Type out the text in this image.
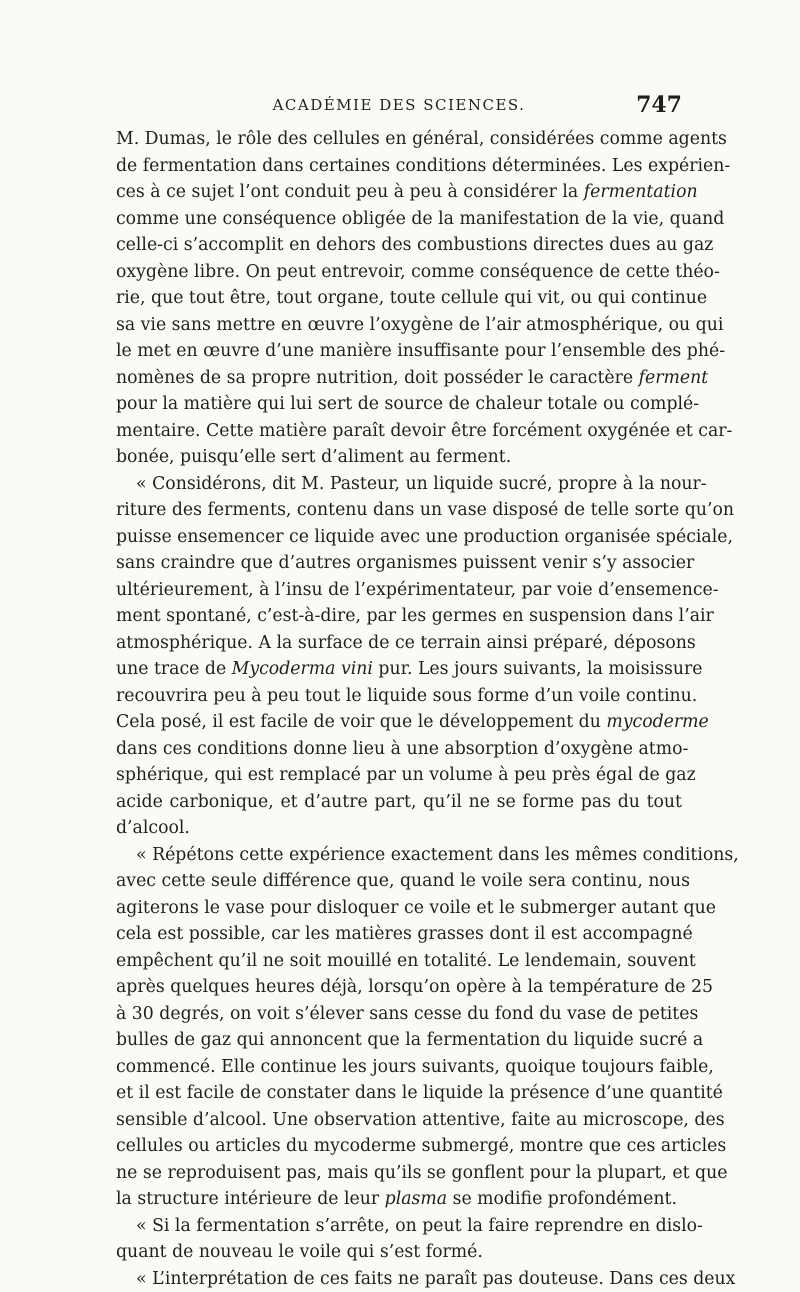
ACADÉMIE DES SCIENCES.	747
M. Dumas, le rôle des cellules en général, considérées comme agents
de fermentation dans certaines conditions déterminées. Les expérien-
ces à ce sujet l’ont conduit peu à peu à considérer la fermentation
comme une conséquence obligée de la manifestation de la vie, quand
celle-ci s’accomplit en dehors des combustions directes dues au gaz
oxygène libre. On peut entrevoir, comme conséquence de cette théo-
rie, que tout être, tout organe, toute cellule qui vit, ou qui continue
sa vie sans mettre en œuvre l’oxygène de l’air atmosphérique, ou qui
le met en œuvre d’une manière insuffisante pour l’ensemble des phé-
nomènes de sa propre nutrition, doit posséder le caractère ferment
pour la matière qui lui sert de source de chaleur totale ou complé-
mentaire. Cette matière paraît devoir être forcément oxygénée et car-
bonée, puisqu’elle sert d’aliment au ferment.
« Considérons, dit M. Pasteur, un liquide sucré, propre à la nour-
riture des ferments, contenu dans un vase disposé de telle sorte qu’on
puisse ensemencer ce liquide avec une production organisée spéciale,
sans craindre que d’autres organismes puissent venir s’y associer
ultérieurement, à l’insu de l’expérimentateur, par voie d’ensemence-
ment spontané, c’est-à-dire, par les germes en suspension dans l’air
atmosphérique. A la surface de ce terrain ainsi préparé, déposons
une trace de Mycoderma vini pur. Les jours suivants, la moisissure
recouvrira peu à peu tout le liquide sous forme d’un voile continu.
Cela posé, il est facile de voir que le développement du mycoderme
dans ces conditions donne lieu à une absorption d’oxygène atmo-
sphérique, qui est remplacé par un volume à peu près égal de gaz
acide carbonique, et d’autre part, qu’il ne se forme pas du tout
d’alcool.
« Répétons cette expérience exactement dans les mêmes conditions,
avec cette seule différence que, quand le voile sera continu, nous
agiterons le vase pour disloquer ce voile et le submerger autant que
cela est possible, car les matières grasses dont il est accompagné
empêchent qu’il ne soit mouillé en totalité. Le lendemain, souvent
après quelques heures déjà, lorsqu’on opère à la température de 25
à 30 degrés, on voit s’élever sans cesse du fond du vase de petites
bulles de gaz qui annoncent que la fermentation du liquide sucré a
commencé. Elle continue les jours suivants, quoique toujours faible,
et il est facile de constater dans le liquide la présence d’une quantité
sensible d’alcool. Une observation attentive, faite au microscope, des
cellules ou articles du mycoderme submergé, montre que ces articles
ne se reproduisent pas, mais qu’ils se gonflent pour la plupart, et que
la structure intérieure de leur plasma se modifie profondément.
« Si la fermentation s’arrête, on peut la faire reprendre en dislo-
quant de nouveau le voile qui s’est formé.
« L’interprétation de ces faits ne paraît pas douteuse. Dans ces deux
